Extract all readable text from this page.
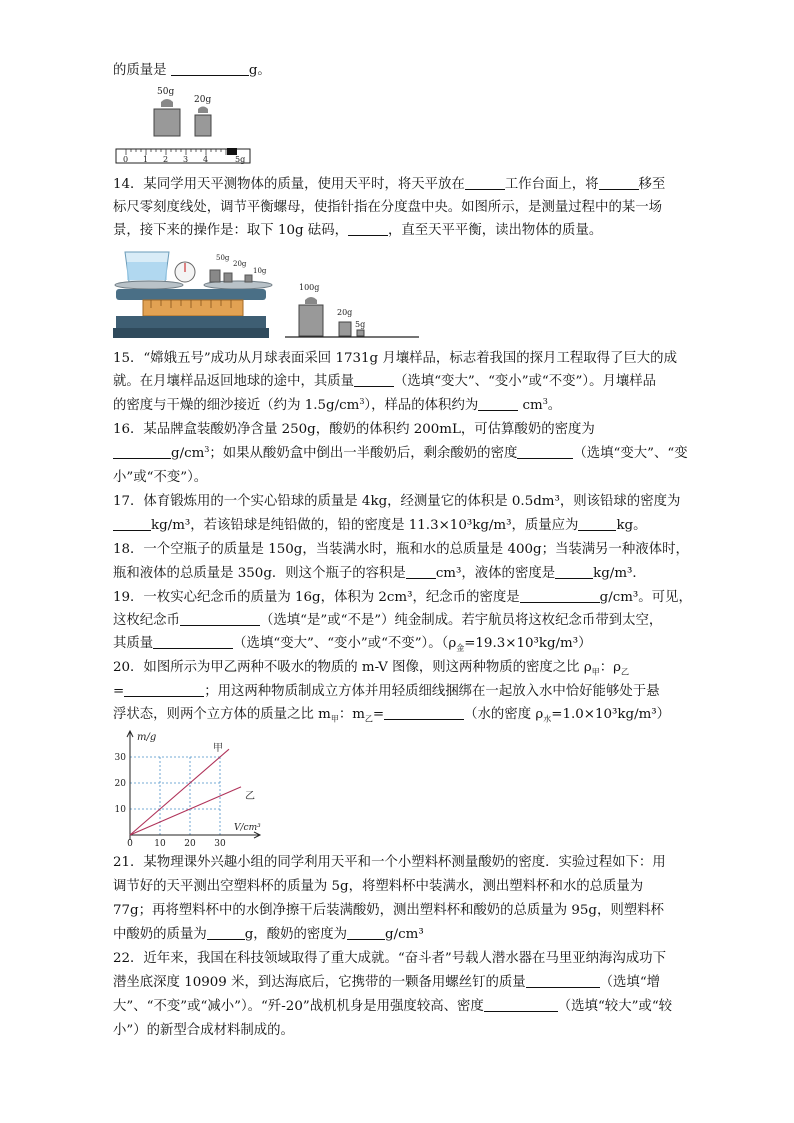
的质量是	g。
50g
20g
0 1 2 3 4	5g
14．某同学用天平测物体的质量，使用天平时，将天平放在	工作台面上，将	移至
标尺零刻度线处，调节平衡螺母，使指针指在分度盘中央。如图所示，是测量过程中的某一场
景，接下来的操作是：取下 10g 砝码，	，直至天平平衡，读出物体的质量。
50g
20g
10g
100g
20g
5g
15．“嫦娥五号”成功从月球表面采回 1731g 月壤样品，标志着我国的探月工程取得了巨大的成
就。在月壤样品返回地球的途中，其质量	（选填“变大”、“变小”或“不变”）。月壤样品
的密度与干燥的细沙接近（约为 $1.5g/cm^3$），样品的体积约为	$cm^3$。
16．某品牌盒装酸奶净含量 250g，酸奶的体积约 200mL，可估算酸奶的密度为
$g/cm^3$；如果从酸奶盒中倒出一半酸奶后，剩余酸奶的密度	（选填“变大”、“变
小”或“不变”）。
17．体育锻炼用的一个实心铅球的质量是 4kg，经测量它的体积是 0.5dm³，则该铅球的密度为
kg/m³，若该铅球是纯铅做的，铅的密度是 11.3×10³kg/m³，质量应为	kg。
18．一个空瓶子的质量是 150g，当装满水时，瓶和水的总质量是 400g；当装满另一种液体时，
瓶和液体的总质量是 350g．则这个瓶子的容积是 cm³，液体的密度是	kg/m³．
19．一枚实心纪念币的质量为 16g，体积为 2cm³，纪念币的密度是	g/cm³。可见，
这枚纪念币	（选填“是”或“不是”）纯金制成。若宇航员将这枚纪念币带到太空，
其质量	（选填“变大”、“变小”或“不变”）。$(\rho_金=19.3\times 10^3kg/m^3)$
20．如图所示为甲乙两种不吸水的物质的 m-V 图像，则这两种物质的密度之比 $\rho_甲$：$\rho_乙$
=	；用这两种物质制成立方体并用轻质细线捆绑在一起放入水中恰好能够处于悬
浮状态，则两个立方体的质量之比 $m_甲$：$m_乙=$	（水的密度 $\rho_水=1.0\times 10^3kg/m^3$）
m/g
V/cm³
10
20
30
0 10 20 30
甲
乙
21．某物理课外兴趣小组的同学利用天平和一个小塑料杯测量酸奶的密度．实验过程如下：用
调节好的天平测出空塑料杯的质量为 5g，将塑料杯中装满水，测出塑料杯和水的总质量为
77g；再将塑料杯中的水倒净擦干后装满酸奶，测出塑料杯和酸奶的总质量为 95g，则塑料杯
中酸奶的质量为	g，酸奶的密度为	g/cm³
22．近年来，我国在科技领域取得了重大成就。“奋斗者”号载人潜水器在马里亚纳海沟成功下
潜坐底深度 10909 米，到达海底后，它携带的一颗备用螺丝钉的质量	（选填“增
大”、“不变”或“减小”）。“歼-20”战机机身是用强度较高、密度	（选填“较大”或“较
小”）的新型合成材料制成的。
